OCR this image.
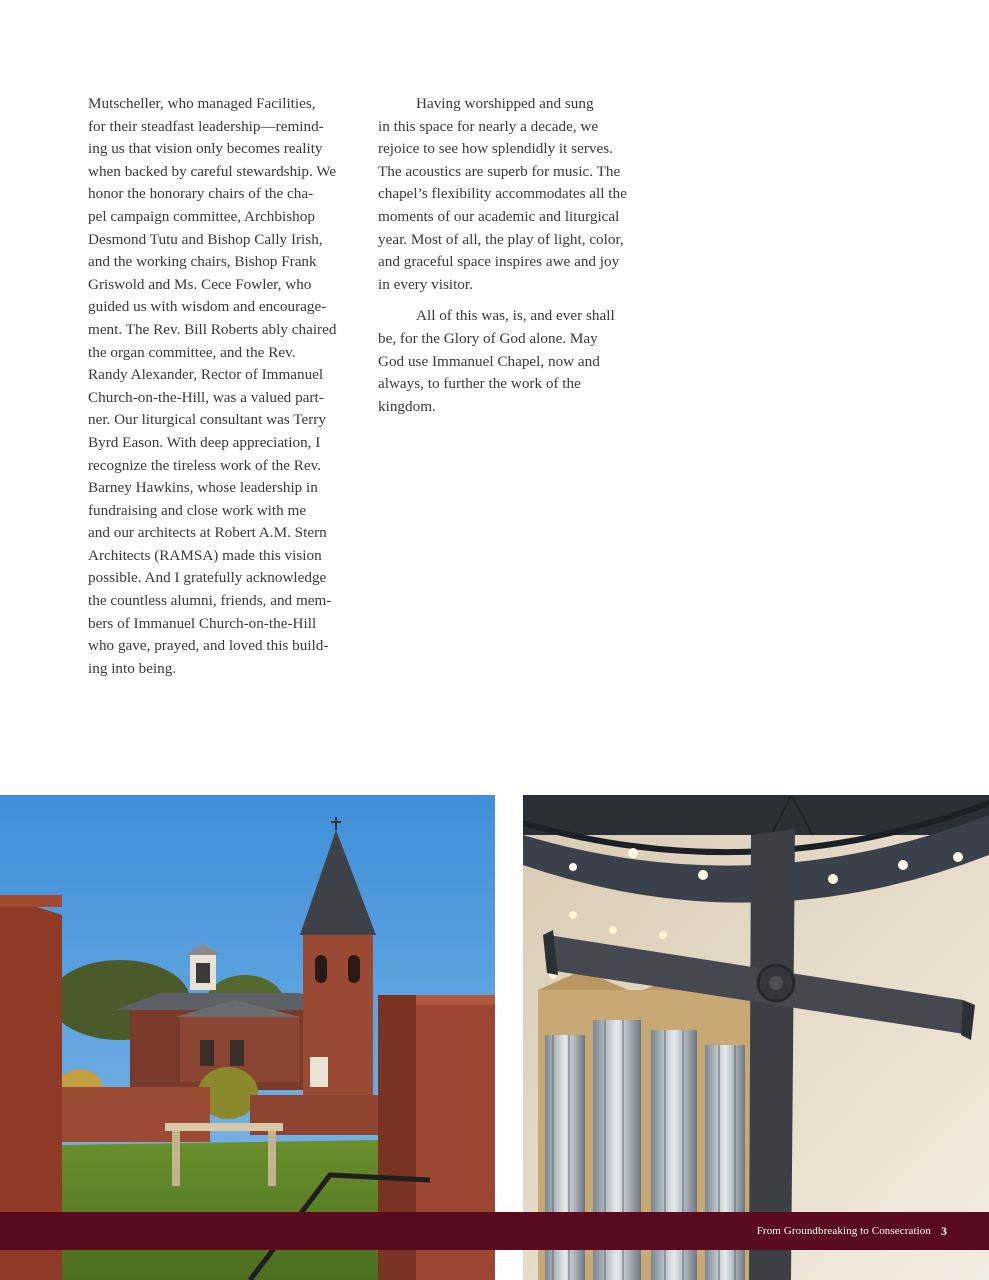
Mutscheller, who managed Facilities,
for their steadfast leadership—remind-
ing us that vision only becomes reality
when backed by careful stewardship. We
honor the honorary chairs of the cha-
pel campaign committee, Archbishop
Desmond Tutu and Bishop Cally Irish,
and the working chairs, Bishop Frank
Griswold and Ms. Cece Fowler, who
guided us with wisdom and encourage-
ment. The Rev. Bill Roberts ably chaired
the organ committee, and the Rev.
Randy Alexander, Rector of Immanuel
Church-on-the-Hill, was a valued part-
ner. Our liturgical consultant was Terry
Byrd Eason. With deep appreciation, I
recognize the tireless work of the Rev.
Barney Hawkins, whose leadership in
fundraising and close work with me
and our architects at Robert A.M. Stern
Architects (RAMSA) made this vision
possible. And I gratefully acknowledge
the countless alumni, friends, and mem-
bers of Immanuel Church-on-the-Hill
who gave, prayed, and loved this build-
ing into being.

Having worshipped and sung
in this space for nearly a decade, we
rejoice to see how splendidly it serves.
The acoustics are superb for music. The
chapel’s flexibility accommodates all the
moments of our academic and liturgical
year. Most of all, the play of light, color,
and graceful space inspires awe and joy
in every visitor.

All of this was, is, and ever shall
be, for the Glory of God alone. May
God use Immanuel Chapel, now and
always, to further the work of the
kingdom.

From Groundbreaking to Consecration 3
